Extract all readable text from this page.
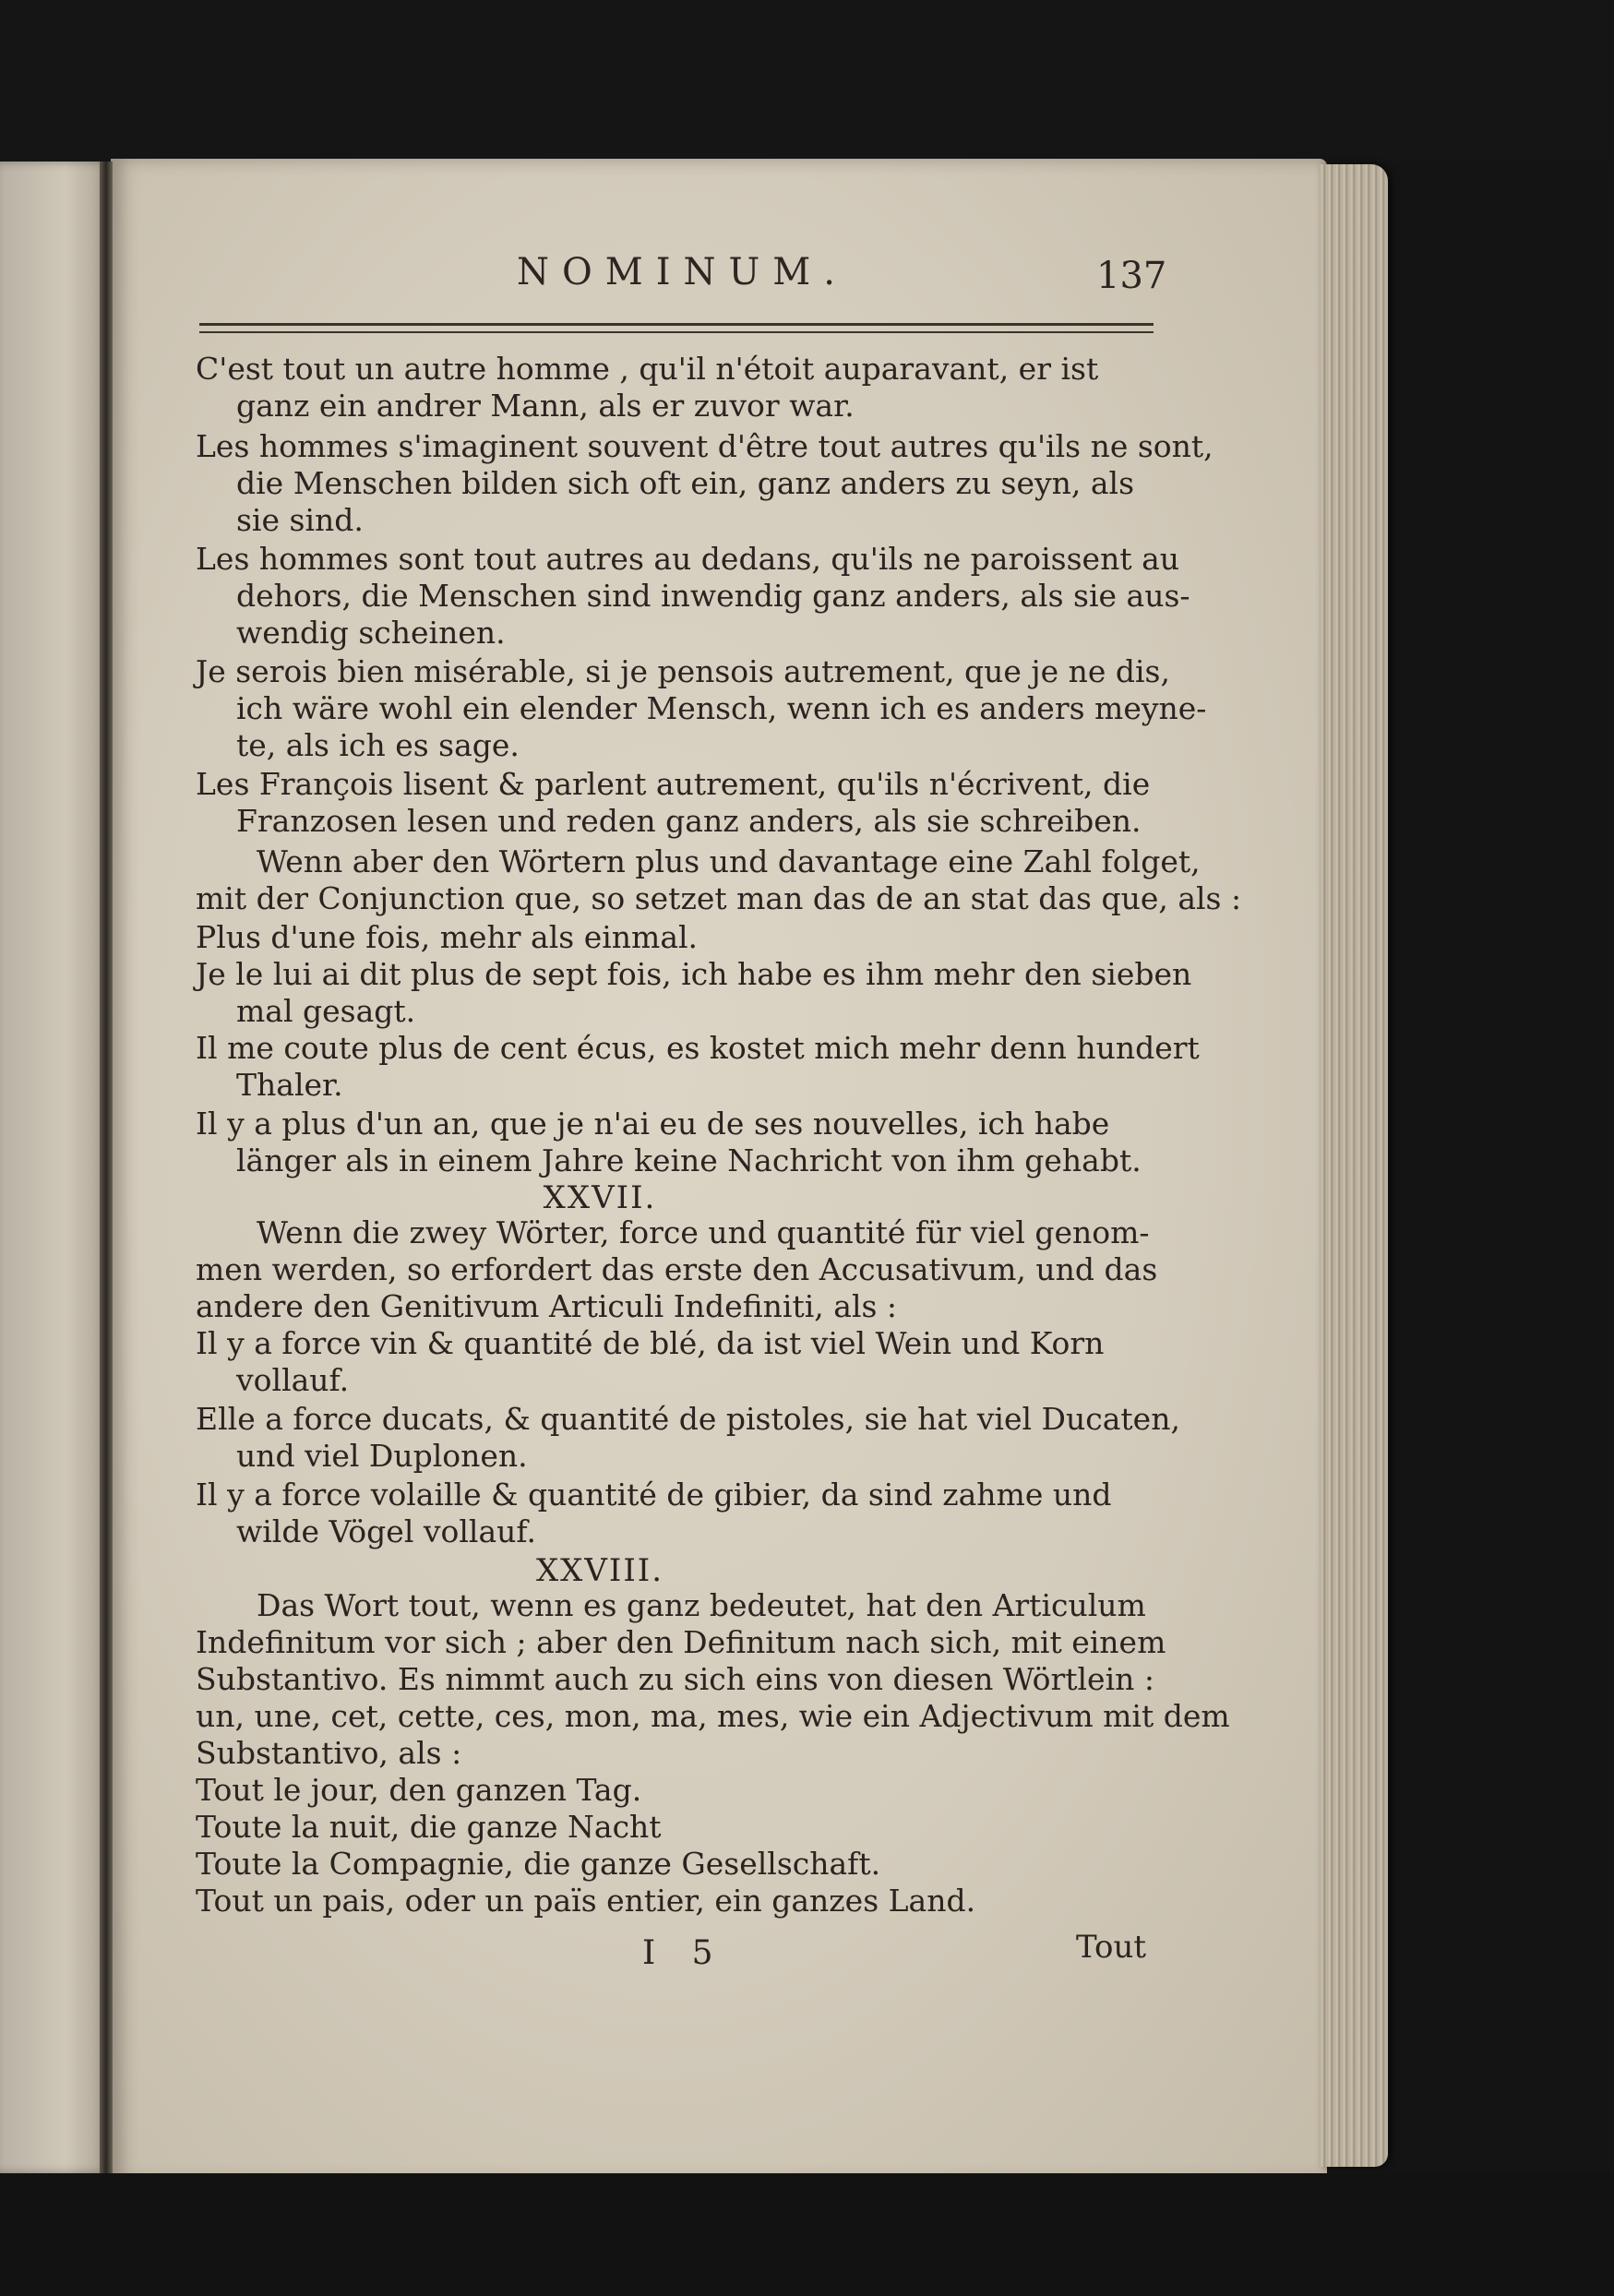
NOMINUM.	137
C'est tout un autre homme , qu'il n'étoit auparavant, er ist
ganz ein andrer Mann, als er zuvor war.
Les hommes s'imaginent souvent d'être tout autres qu'ils ne sont,
die Menschen bilden sich oft ein, ganz anders zu seyn, als
sie sind.
Les hommes sont tout autres au dedans, qu'ils ne paroissent au
dehors, die Menschen sind inwendig ganz anders, als sie aus-
wendig scheinen.
Je serois bien misérable, si je pensois autrement, que je ne dis,
ich wäre wohl ein elender Mensch, wenn ich es anders meyne-
te, als ich es sage.
Les François lisent & parlent autrement, qu'ils n'écrivent, die
Franzosen lesen und reden ganz anders, als sie schreiben.
Wenn aber den Wörtern plus und davantage eine Zahl folget,
mit der Conjunction que, so setzet man das de an stat das que, als :
Plus d'une fois, mehr als einmal.
Je le lui ai dit plus de sept fois, ich habe es ihm mehr den sieben
mal gesagt.
Il me coute plus de cent écus, es kostet mich mehr denn hundert
Thaler.
Il y a plus d'un an, que je n'ai eu de ses nouvelles, ich habe
länger als in einem Jahre keine Nachricht von ihm gehabt.
XXVII.
Wenn die zwey Wörter, force und quantité für viel genom-
men werden, so erfordert das erste den Accusativum, und das
andere den Genitivum Articuli Indefiniti, als :
Il y a force vin & quantité de blé, da ist viel Wein und Korn
vollauf.
Elle a force ducats, & quantité de pistoles, sie hat viel Ducaten,
und viel Duplonen.
Il y a force volaille & quantité de gibier, da sind zahme und
wilde Vögel vollauf.
XXVIII.
Das Wort tout, wenn es ganz bedeutet, hat den Articulum
Indefinitum vor sich ; aber den Definitum nach sich, mit einem
Substantivo. Es nimmt auch zu sich eins von diesen Wörtlein :
un, une, cet, cette, ces, mon, ma, mes, wie ein Adjectivum mit dem
Substantivo, als :
Tout le jour, den ganzen Tag.
Toute la nuit, die ganze Nacht
Toute la Compagnie, die ganze Gesellschaft.
Tout un pais, oder un païs entier, ein ganzes Land.
I 5	Tout
